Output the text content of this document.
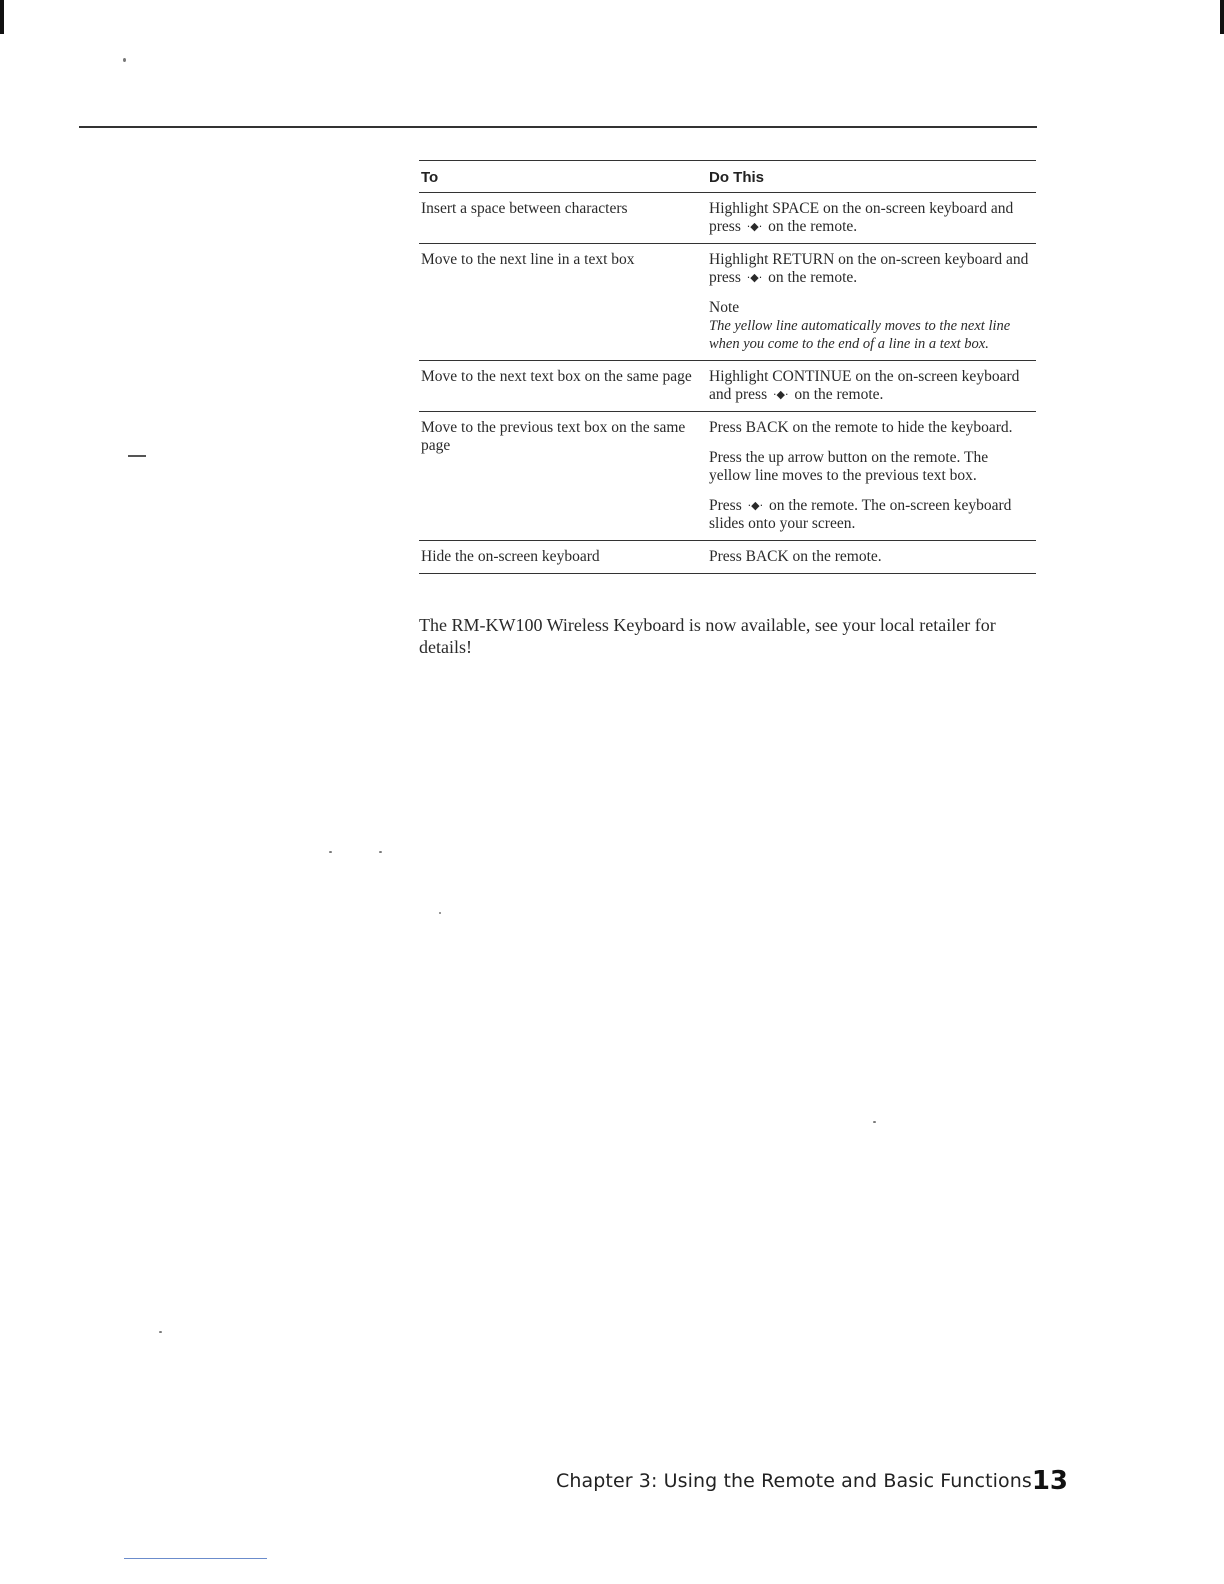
To	Do This
Insert a space between characters	Highlight SPACE on the on-screen keyboard and press ·◆· on the remote.

Move to the next line in a text box	Highlight RETURN on the on-screen keyboard and press ·◆· on the remote.

Note
The yellow line automatically moves to the next line when you come to the end of a line in a text box.

Move to the next text box on the same page	Highlight CONTINUE on the on-screen keyboard and press ·◆· on the remote.

Move to the previous text box on the same page	Press BACK on the remote to hide the keyboard.

Press the up arrow button on the remote. The yellow line moves to the previous text box.

Press ·◆· on the remote. The on-screen keyboard slides onto your screen.

Hide the on-screen keyboard	Press BACK on the remote.

The RM-KW100 Wireless Keyboard is now available, see your local retailer for details!

Chapter 3: Using the Remote and Basic Functions 13
